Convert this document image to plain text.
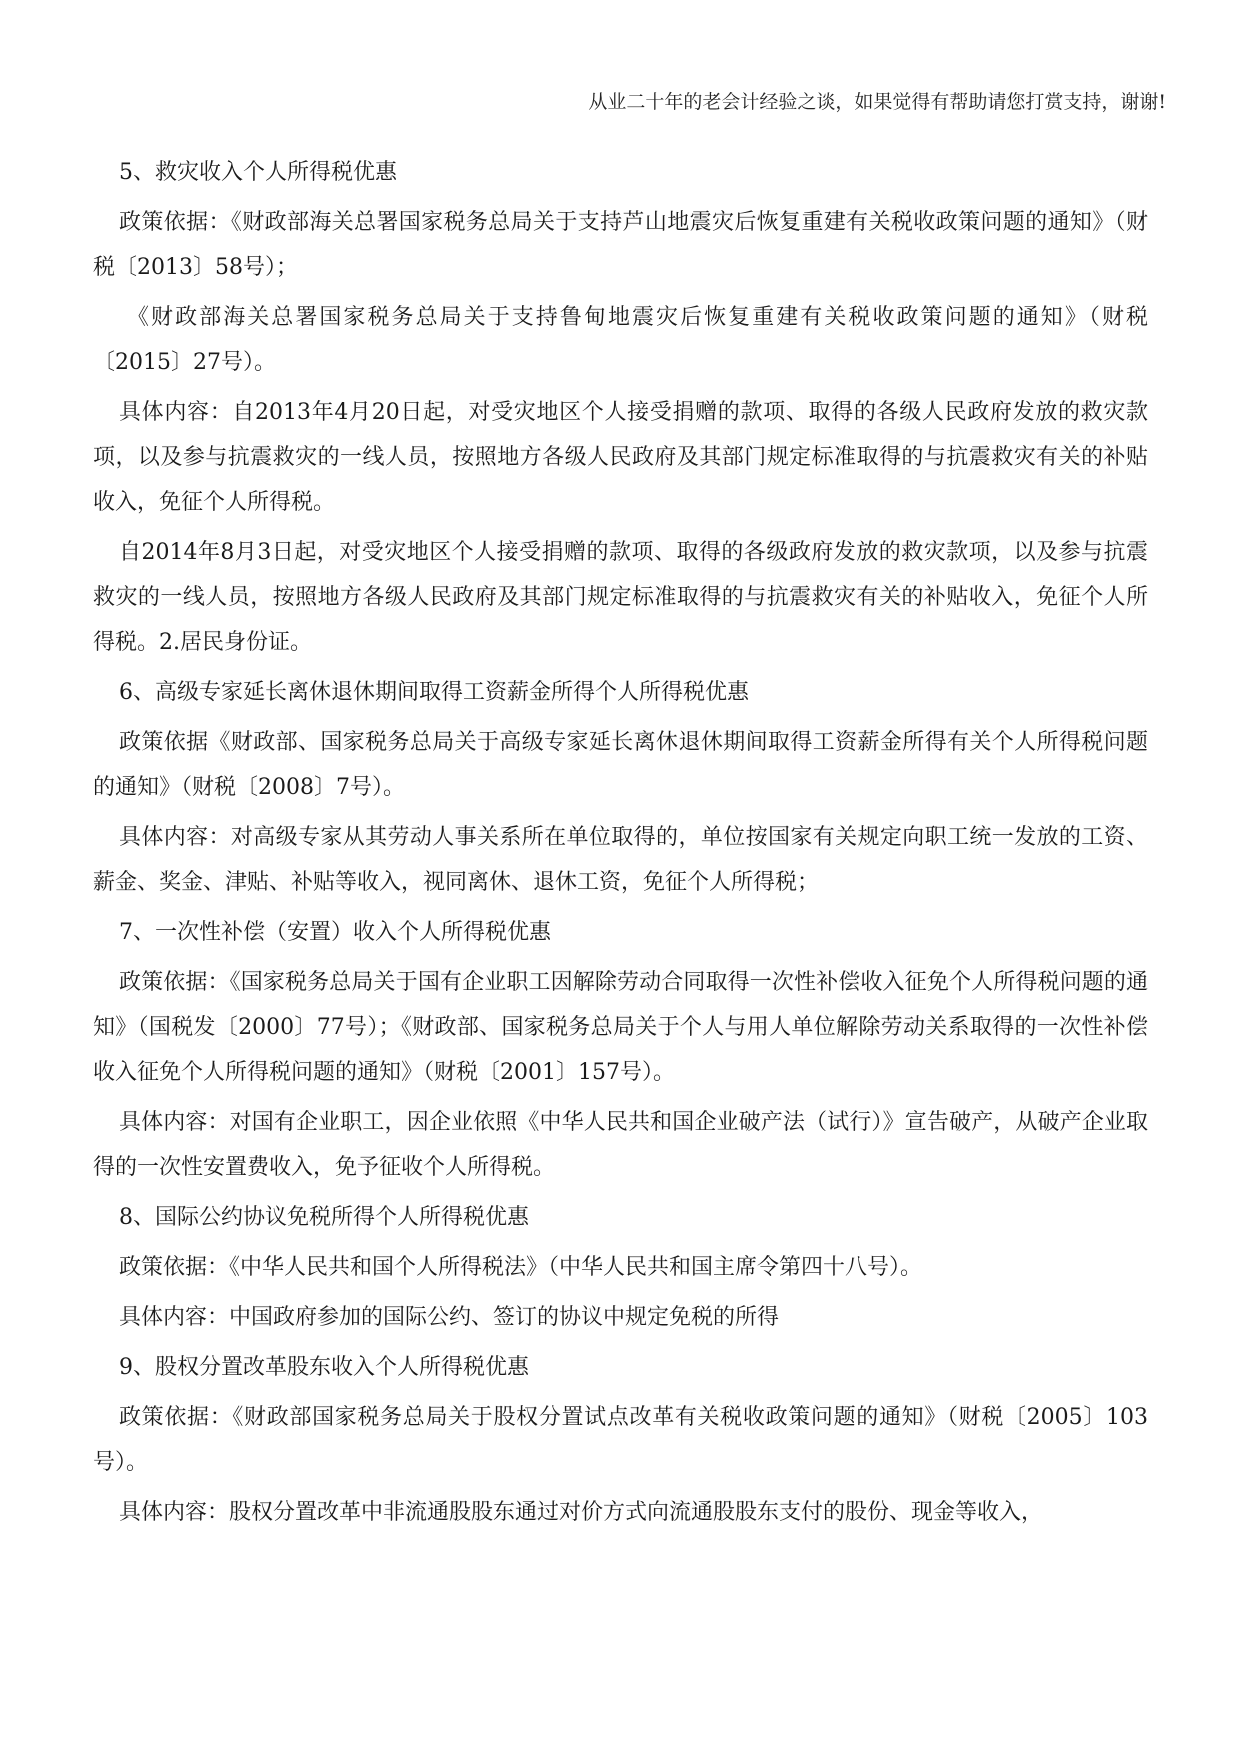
从业二十年的老会计经验之谈，如果觉得有帮助请您打赏支持，谢谢!

5、救灾收入个人所得税优惠

政策依据：《财政部海关总署国家税务总局关于支持芦山地震灾后恢复重建有关税收政策问题的通知》（财税〔2013〕58号）；

《财政部海关总署国家税务总局关于支持鲁甸地震灾后恢复重建有关税收政策问题的通知》（财税〔2015〕27号）。

具体内容：自2013年4月20日起，对受灾地区个人接受捐赠的款项、取得的各级人民政府发放的救灾款项，以及参与抗震救灾的一线人员，按照地方各级人民政府及其部门规定标准取得的与抗震救灾有关的补贴收入，免征个人所得税。

自2014年8月3日起，对受灾地区个人接受捐赠的款项、取得的各级政府发放的救灾款项，以及参与抗震救灾的一线人员，按照地方各级人民政府及其部门规定标准取得的与抗震救灾有关的补贴收入，免征个人所得税。2.居民身份证。

6、高级专家延长离休退休期间取得工资薪金所得个人所得税优惠

政策依据《财政部、国家税务总局关于高级专家延长离休退休期间取得工资薪金所得有关个人所得税问题的通知》（财税〔2008〕7号）。

具体内容：对高级专家从其劳动人事关系所在单位取得的，单位按国家有关规定向职工统一发放的工资、薪金、奖金、津贴、补贴等收入，视同离休、退休工资，免征个人所得税；

7、一次性补偿（安置）收入个人所得税优惠

政策依据：《国家税务总局关于国有企业职工因解除劳动合同取得一次性补偿收入征免个人所得税问题的通知》（国税发〔2000〕77号）；《财政部、国家税务总局关于个人与用人单位解除劳动关系取得的一次性补偿收入征免个人所得税问题的通知》（财税〔2001〕157号）。

具体内容：对国有企业职工，因企业依照《中华人民共和国企业破产法（试行）》宣告破产，从破产企业取得的一次性安置费收入，免予征收个人所得税。

8、国际公约协议免税所得个人所得税优惠

政策依据：《中华人民共和国个人所得税法》（中华人民共和国主席令第四十八号）。

具体内容：中国政府参加的国际公约、签订的协议中规定免税的所得

9、股权分置改革股东收入个人所得税优惠

政策依据：《财政部国家税务总局关于股权分置试点改革有关税收政策问题的通知》（财税〔2005〕103号）。

具体内容：股权分置改革中非流通股股东通过对价方式向流通股股东支付的股份、现金等收入，
